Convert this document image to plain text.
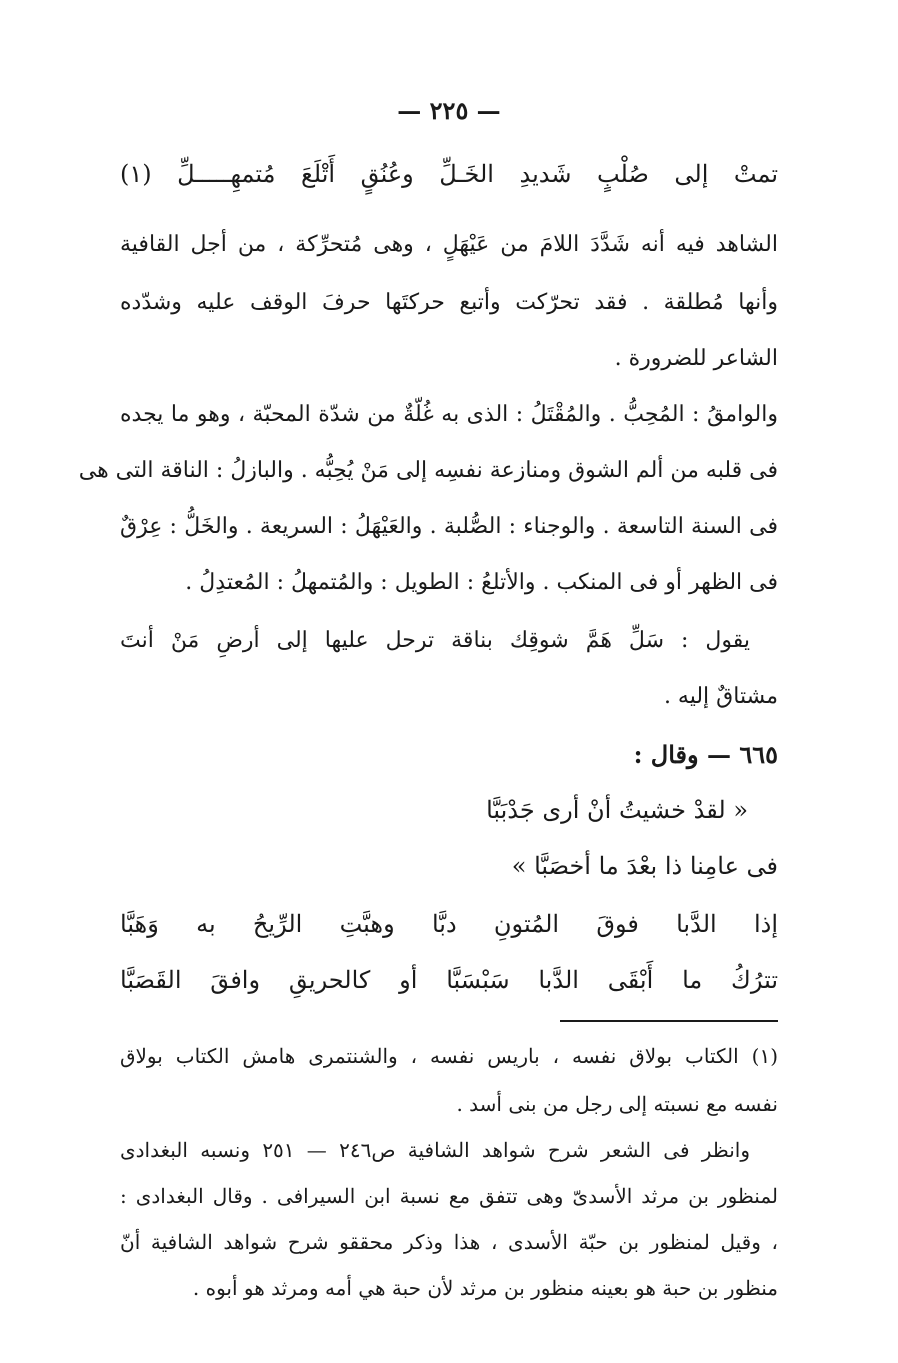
— ٢٢٥ —
تمتْ إلى صُلْبٍ شَديدِ الخَـلِّ وعُنُقٍ أَتْلَعَ مُتمهِـــــلِّ (١)
الشاهد فيه أنه شَدَّدَ اللامَ من عَيْهَلٍ ، وهى مُتحرِّكة ، من أجل القافية
وأنها مُطلقة . فقد تحرّكت وأتبع حركتَها حرفَ الوقف عليه وشدّده
الشاعر للضرورة .
والوامقُ : المُحِبُّ . والمُقْتَلُ : الذى به غُلّةٌ من شدّة المحبّة ، وهو ما يجده
فى قلبه من ألم الشوق ومنازعة نفسِه إلى مَنْ يُحِبُّه . والبازلُ : الناقة التى هى
فى السنة التاسعة . والوجناء : الصُّلبة . والعَيْهَلُ : السريعة . والخَلُّ : عِرْقٌ
فى الظهر أو فى المنكب . والأتلعُ : الطويل : والمُتمهلُ : المُعتدِلُ .
يقول : سَلِّ هَمَّ شوقِك بناقة ترحل عليها إلى أرضِ مَنْ أنتَ
مشتاقٌ إليه .
٦٦٥ — وقال :
« لقدْ خشيتُ أنْ أرى جَدْبَبَّا
فى عامِنا ذا بعْدَ ما أخصَبَّا »
إذا الدَّبا فوقَ المُتونِ دبَّا وهبَّتِ الرِّيحُ به وَهَبَّا
تترُكُ ما أَبْقَى الدَّبا سَبْسَبَّا أو كالحريقِ وافقَ القَصَبَّا
(١) الكتاب بولاق نفسه ، باريس نفسه ، والشنتمرى هامش الكتاب بولاق
نفسه مع نسبته إلى رجل من بنى أسد .
وانظر فى الشعر شرح شواهد الشافية ص٢٤٦ — ٢٥١ ونسبه البغدادى
لمنظور بن مرثد الأسدىّ وهى تتفق مع نسبة ابن السيرافى . وقال البغدادى :
، وقيل لمنظور بن حبّة الأسدى ، هذا وذكر محققو شرح شواهد الشافية أنّ
منظور بن حبة هو بعينه منظور بن مرثد لأن حبة هي أمه ومرثد هو أبوه .
